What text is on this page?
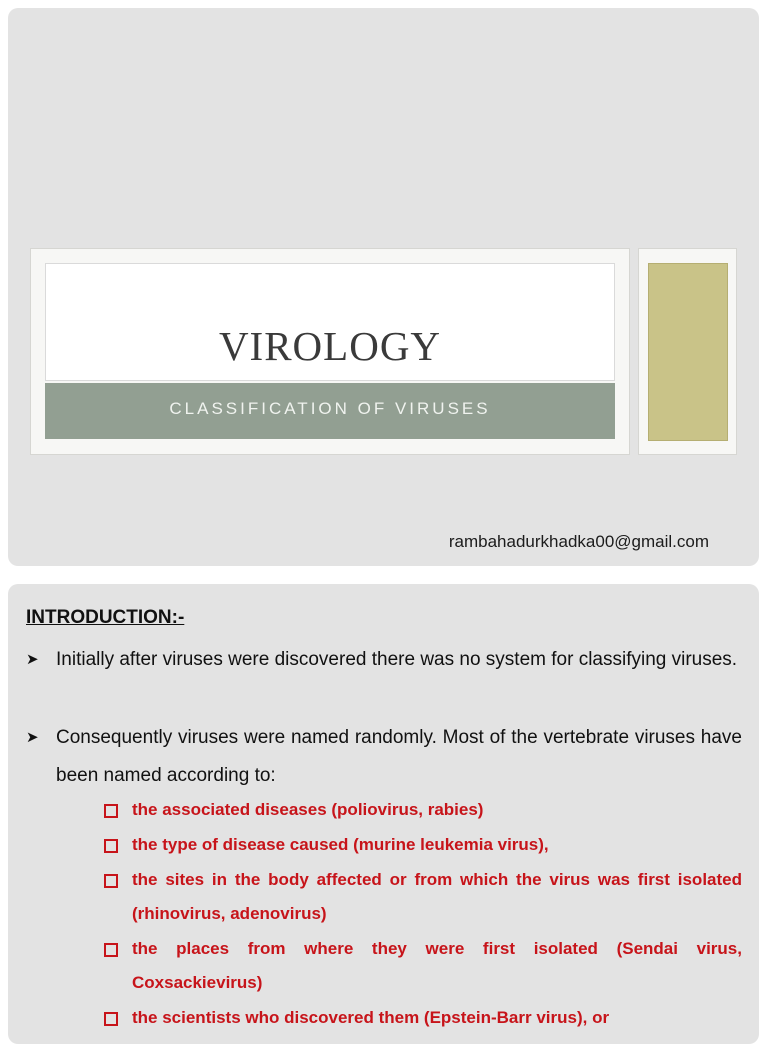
VIROLOGY
CLASSIFICATION OF VIRUSES
rambahadurkhadka00@gmail.com
INTRODUCTION:-
➤ Initially after viruses were discovered there was no system for classifying viruses.
➤ Consequently viruses were named randomly. Most of the vertebrate viruses have been named according to:
the associated diseases (poliovirus, rabies)
the type of disease caused (murine leukemia virus),
the sites in the body affected or from which the virus was first isolated (rhinovirus, adenovirus)
the places from where they were first isolated (Sendai virus, Coxsackievirus)
the scientists who discovered them (Epstein-Barr virus), or
